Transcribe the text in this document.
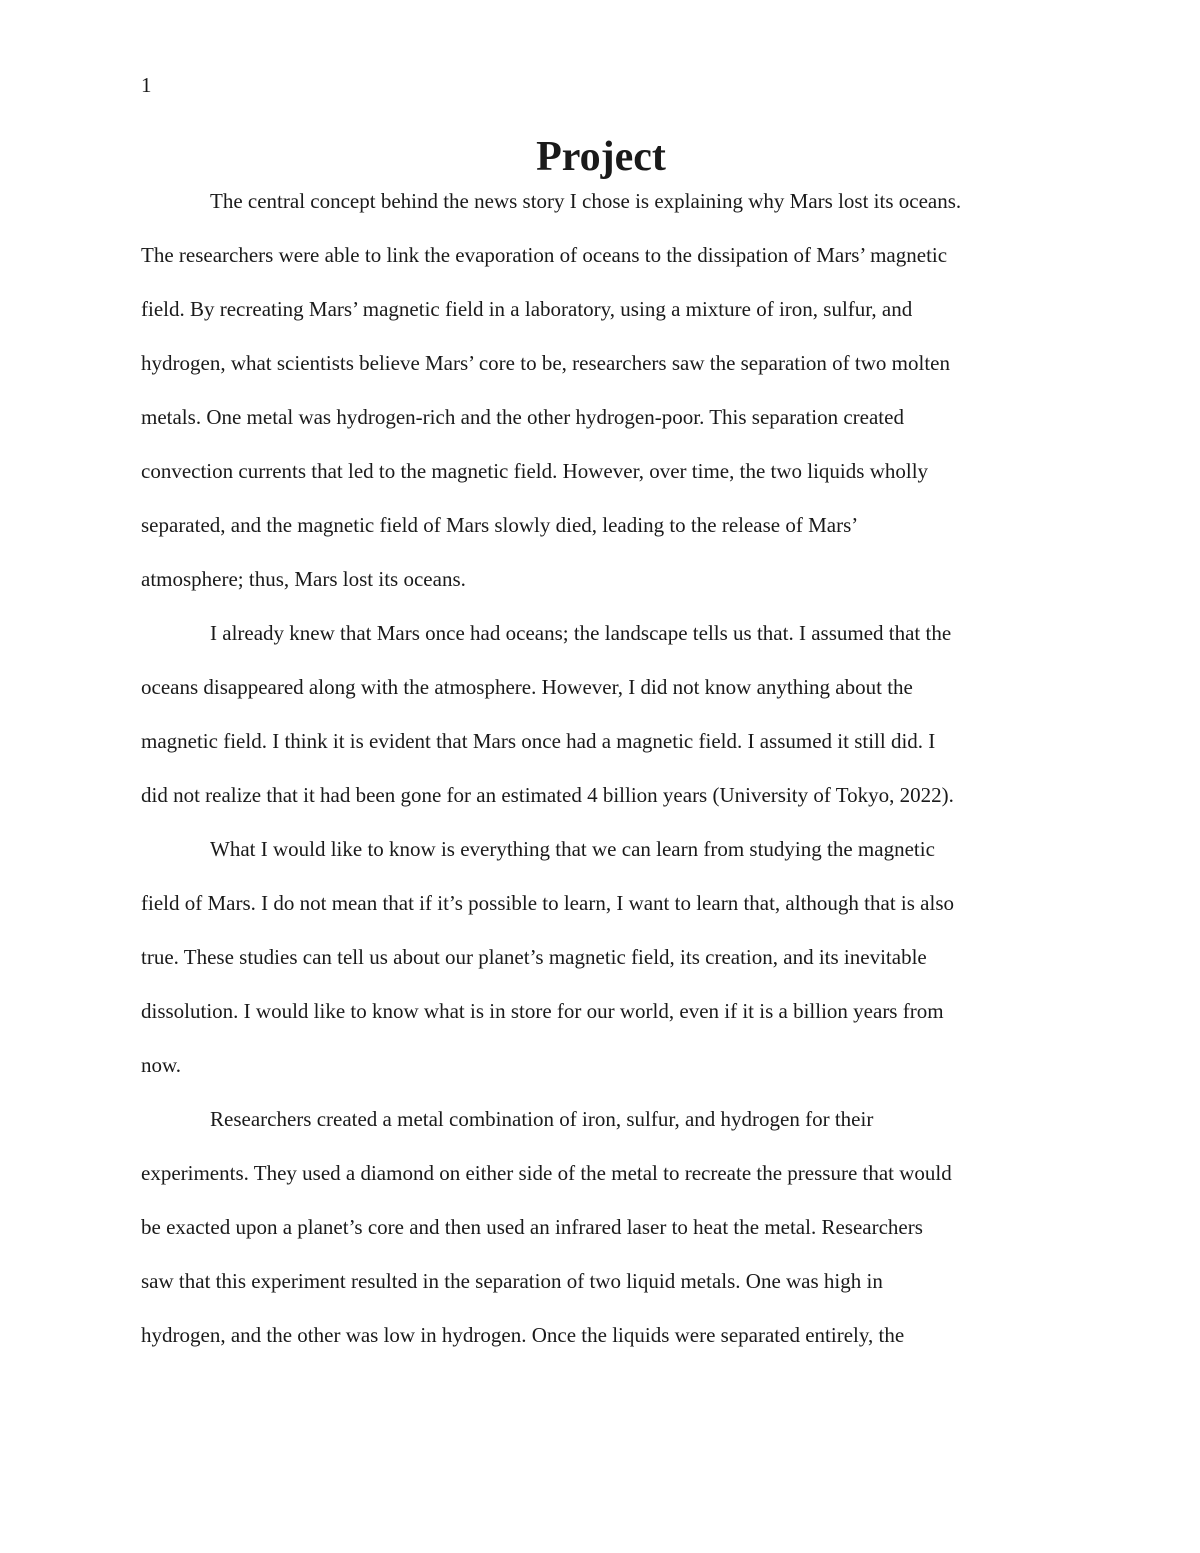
1
Project
The central concept behind the news story I chose is explaining why Mars lost its oceans.
The researchers were able to link the evaporation of oceans to the dissipation of Mars’ magnetic
field. By recreating Mars’ magnetic field in a laboratory, using a mixture of iron, sulfur, and
hydrogen, what scientists believe Mars’ core to be, researchers saw the separation of two molten
metals. One metal was hydrogen-rich and the other hydrogen-poor. This separation created
convection currents that led to the magnetic field. However, over time, the two liquids wholly
separated, and the magnetic field of Mars slowly died, leading to the release of Mars’
atmosphere; thus, Mars lost its oceans.
I already knew that Mars once had oceans; the landscape tells us that. I assumed that the
oceans disappeared along with the atmosphere. However, I did not know anything about the
magnetic field. I think it is evident that Mars once had a magnetic field. I assumed it still did. I
did not realize that it had been gone for an estimated 4 billion years (University of Tokyo, 2022).
What I would like to know is everything that we can learn from studying the magnetic
field of Mars. I do not mean that if it’s possible to learn, I want to learn that, although that is also
true. These studies can tell us about our planet’s magnetic field, its creation, and its inevitable
dissolution. I would like to know what is in store for our world, even if it is a billion years from
now.
Researchers created a metal combination of iron, sulfur, and hydrogen for their
experiments. They used a diamond on either side of the metal to recreate the pressure that would
be exacted upon a planet’s core and then used an infrared laser to heat the metal. Researchers
saw that this experiment resulted in the separation of two liquid metals. One was high in
hydrogen, and the other was low in hydrogen. Once the liquids were separated entirely, the
